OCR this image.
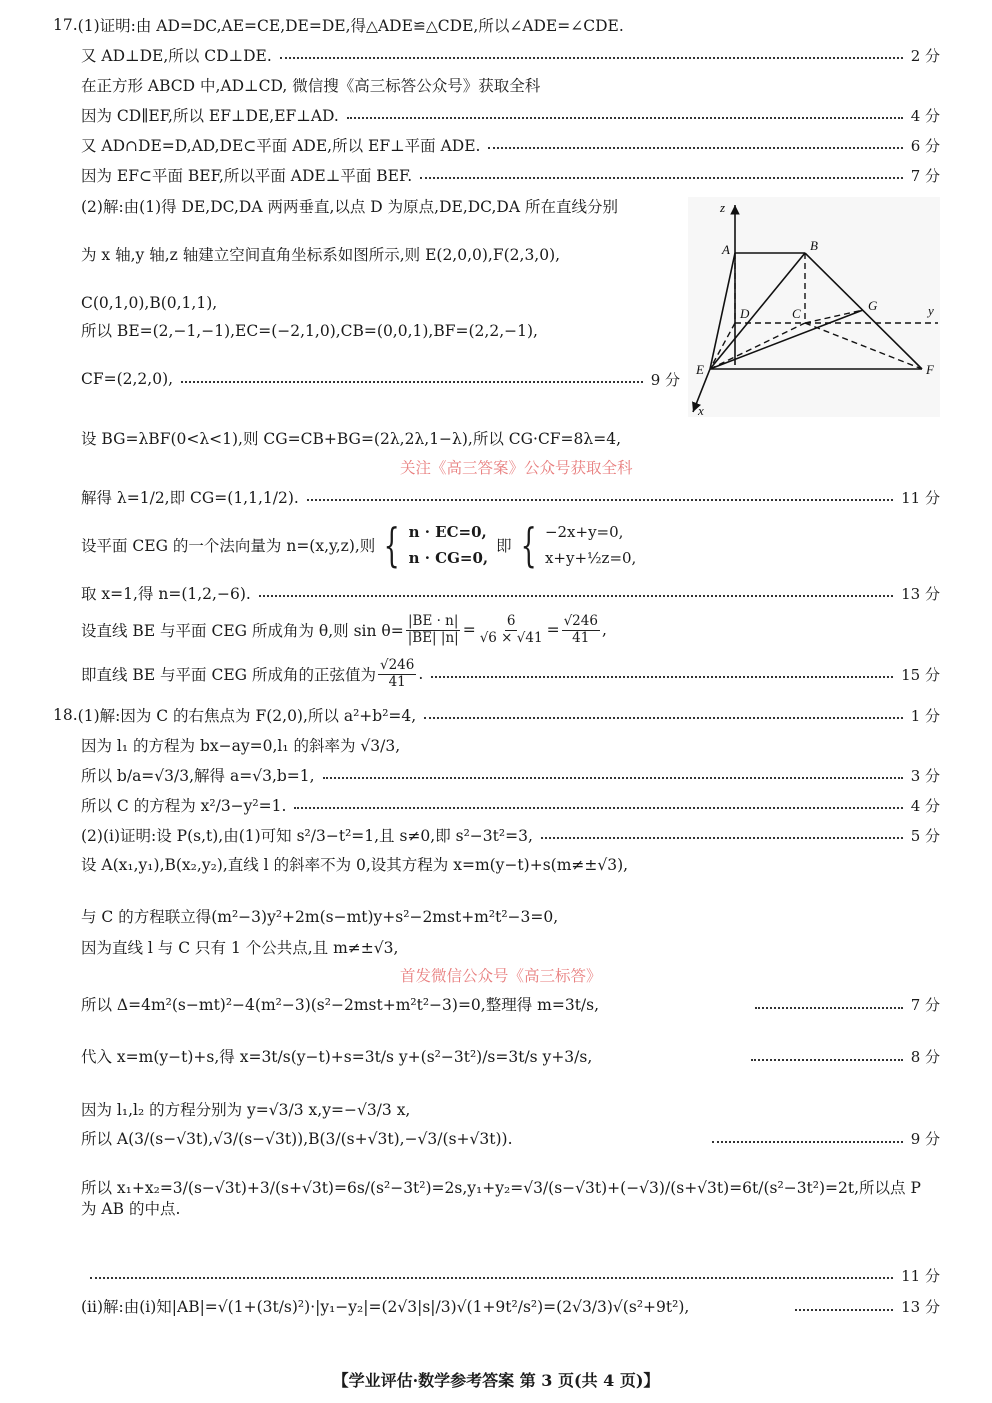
17. (1)证明:由 AD=DC,AE=CE,DE=DE,得△ADE≌△CDE,所以∠ADE=∠CDE.
又 AD⊥DE,所以 CD⊥DE.	2 分
在正方形 ABCD 中,AD⊥CD, 微信搜《高三标答公众号》获取全科
因为 CD∥EF,所以 EF⊥DE,EF⊥AD.	4 分
又 AD∩DE=D,AD,DE⊂平面 ADE,所以 EF⊥平面 ADE.	6 分
因为 EF⊂平面 BEF,所以平面 ADE⊥平面 BEF.	7 分
(2)解:由(1)得 DE,DC,DA 两两垂直,以点 D 为原点,DE,DC,DA 所在直线分别
为 x 轴,y 轴,z 轴建立空间直角坐标系如图所示,则 E(2,0,0),F(2,3,0),
C(0,1,0),B(0,1,1),
所以 BE=(2,−1,−1),EC=(−2,1,0),CB=(0,0,1),BF=(2,2,−1),
CF=(2,2,0),	9 分
z
A	B
D	C
G	y
E	F
x
设 BG=λBF(0<λ<1),则 CG=CB+BG=(2λ,2λ,1−λ),所以 CG·CF=8λ=4,
关注《高三答案》公众号获取全科
解得 λ=1/2,即 CG=(1,1,1/2).	11 分
设平面 CEG 的一个法向量为 n=(x,y,z),则 { n · EC=0,
n · CG=0,
即 { −2x+y=0,
x+y+½z=0,
取 x=1,得 n=(1,2,−6).	13 分
设直线 BE 与平面 CEG 所成角为 θ,则 $\sin \theta= \frac{|BE \cdot n|}{|BE| |n|} = \frac{6}{√6 \times √41} = \frac{√246}{41}$ ,
即直线 BE 与平面 CEG 所成角的正弦值为 $\frac{√246}{41}$ .	15 分
18. (1)解:因为 C 的右焦点为 F(2,0),所以 a²+b²=4,	1 分
因为 l₁ 的方程为 bx−ay=0,l₁ 的斜率为 √3/3,
所以 b/a=√3/3,解得 a=√3,b=1,	3 分
所以 C 的方程为 x²/3−y²=1.	4 分
(2)(ⅰ)证明:设 P(s,t),由(1)可知 s²/3−t²=1,且 s≠0,即 s²−3t²=3,	5 分
设 A(x₁,y₁),B(x₂,y₂),直线 l 的斜率不为 0,设其方程为 x=m(y−t)+s(m≠±√3),
与 C 的方程联立得(m²−3)y²+2m(s−mt)y+s²−2mst+m²t²−3=0,
因为直线 l 与 C 只有 1 个公共点,且 m≠±√3,
首发微信公众号《高三标答》
所以 Δ=4m²(s−mt)²−4(m²−3)(s²−2mst+m²t²−3)=0,整理得 m=3t/s,	7 分
代入 x=m(y−t)+s,得 x=3t/s(y−t)+s=3t/s y+(s²−3t²)/s=3t/s y+3/s,	8 分
因为 l₁,l₂ 的方程分别为 y=√3/3 x,y=−√3/3 x,
所以 A(3/(s−√3t),√3/(s−√3t)),B(3/(s+√3t),−√3/(s+√3t)).	9 分
所以 x₁+x₂=3/(s−√3t)+3/(s+√3t)=6s/(s²−3t²)=2s,y₁+y₂=√3/(s−√3t)+(−√3)/(s+√3t)=6t/(s²−3t²)=2t,所以点 P 为 AB 的中点.
11 分
(ⅱ)解:由(ⅰ)知|AB|=√(1+(3t/s)²)·|y₁−y₂|=(2√3|s|/3)√(1+9t²/s²)=(2√3/3)√(s²+9t²),	13 分
【学业评估·数学参考答案 第 3 页(共 4 页)】
